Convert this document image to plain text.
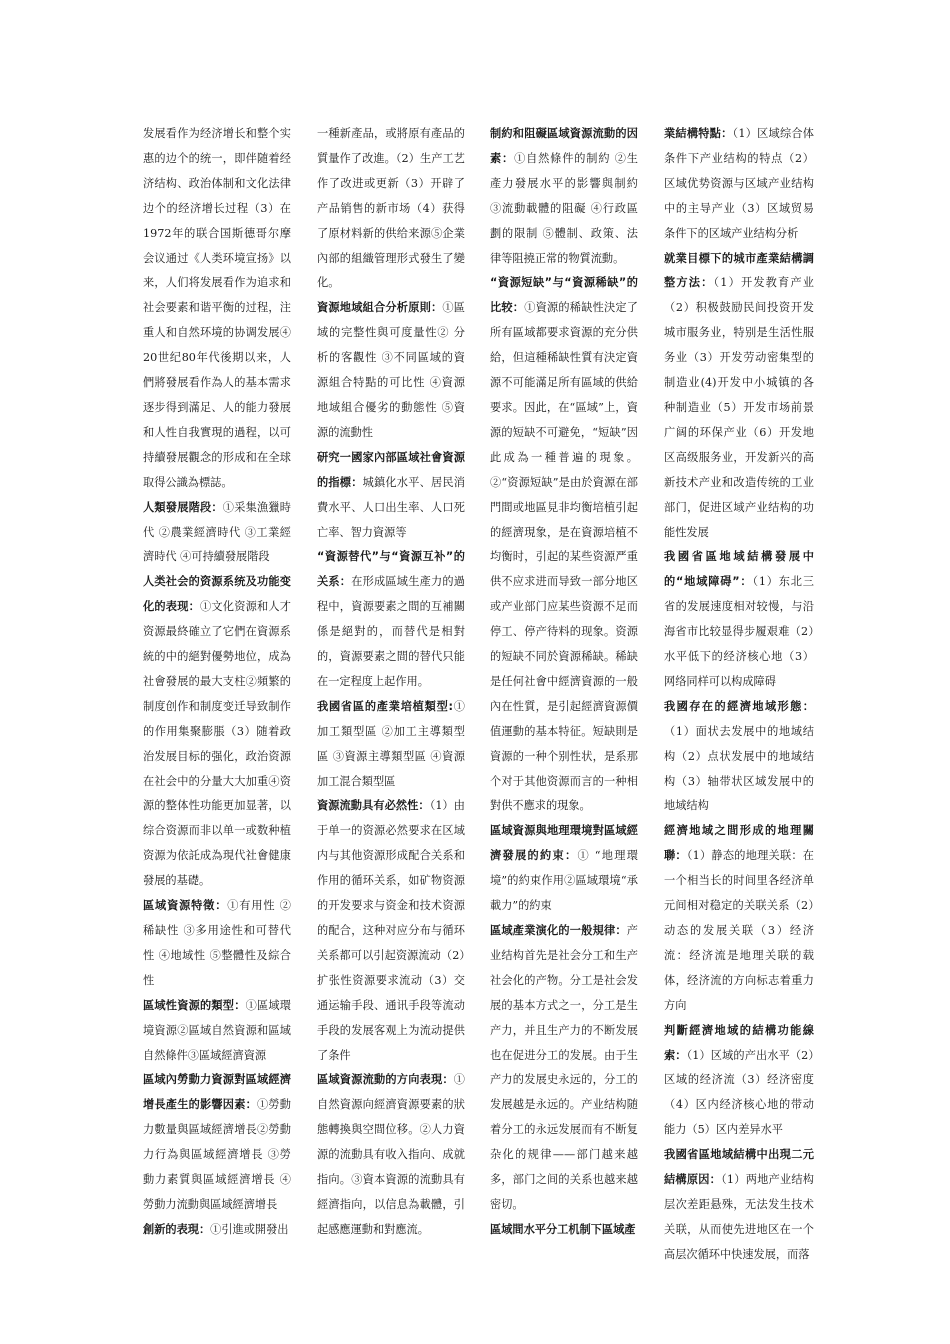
发展看作为经济增长和整个实惠的边个的统一，即伴随着经济结构、政治体制和文化法律边个的经济增长过程（3）在1972年的联合国斯德哥尔摩会议通过《人类环境宣扬》以来，人们将发展看作为追求和社会要素和谐平衡的过程，注重人和自然环境的协调发展④20世纪80年代後期以来，人們將發展看作為人的基本需求逐步得到滿足、人的能力發展和人性自我實現的過程，以可持續發展觀念的形成和在全球取得公識為標誌。

人類發展階段：①采集漁獵時代 ②農業經濟時代 ③工業經濟時代 ④可持續發展階段

人类社会的资源系统及功能变化的表现：①文化资源和人才资源最終確立了它們在資源系統的中的絕對優勢地位，成為社會發展的最大支柱②頻繁的制度创作和制度变迁导致制作的作用集聚膨脹（3）随着政治发展目标的强化，政治资源在社会中的分量大大加重④资源的整体性功能更加显著，以综合资源而非以单一或数种植资源为依託成為現代社會健康發展的基礎。

區域資源特徵：①有用性 ②稀缺性 ③多用途性和可替代性 ④地域性 ⑤整體性及綜合性

區域性資源的類型：①區域環境資源②區域自然資源和區域自然條件③區域經濟資源

區域內勞動力資源對區域經濟增長產生的影響因素：①勞動力數量與區域經濟增長②勞動力行為與區域經濟增長 ③勞動力素質與區域經濟增長 ④勞動力流動與區域經濟增長

創新的表現：①引進或開發出

一種新產品，或將原有產品的質量作了改進。（2）生产工艺作了改进或更新（3）开辟了产品销售的新市场（4）获得了原材料新的供给来源⑤企業內部的組織管理形式發生了變化。

資源地域組合分析原則：①區域的完整性與可度量性② 分析的客觀性 ③不同區域的資源組合特點的可比性 ④資源地域組合優劣的動態性 ⑤資源的流動性

研究一國家內部區域社會資源的指標：城鎮化水平、居民消費水平、人口出生率、人口死亡率、智力資源等

“資源替代”与“資源互补”的关系：在形成區域生產力的過程中，資源要素之間的互補關係是絕對的，而替代是相對的，資源要素之間的替代只能在一定程度上起作用。

我國省區的產業培植類型:①加工類型區 ②加工主導類型區 ③資源主導類型區 ④資源加工混合類型區

資源流動具有必然性：（1）由于单一的资源必然要求在区域内与其他资源形成配合关系和作用的循环关系，如矿物资源的开发要求与资金和技术资源的配合，这种对应分布与循环关系都可以引起资源流动（2）扩张性资源要求流动（3）交通运输手段、通讯手段等流动手段的发展客观上为流动提供了条件

區域資源流動的方向表現：①自然資源向經濟資源要素的狀態轉換與空間位移。②人力資源的流動具有收入指向、成就指向。③資本資源的流動具有經濟指向，以信息為載體，引起感應運動和對應流。

制約和阻礙區域資源流動的因素：①自然條件的制約 ②生產力發展水平的影響與制約 ③流動載體的阻礙 ④行政區劃的限制 ⑤體制、政策、法律等阻撓正常的物質流動。

“資源短缺”与“資源稀缺”的比较：①資源的稀缺性決定了所有區域都要求資源的充分供給，但這種稀缺性質有決定資源不可能滿足所有區域的供給要求。因此，在“區域”上，資源的短缺不可避免，“短缺”因此成為一種普遍的現象。②“资源短缺”是由於資源在部門間或地區見非均衡培植引起的經濟現象，是在資源培植不均衡时，引起的某些资源严重供不应求进而导致一部分地区或产业部门应某些资源不足而停工、停产待料的现象。资源的短缺不同於資源稀缺。稀缺是任何社會中經濟資源的一般內在性質，是引起經濟資源價值運動的基本特征。短缺則是資源的一种个别性状，是系那个对于其他资源而言的一种相對供不應求的現象。

區域資源與地理環境對區域經濟發展的約束：① “地理環境”的約束作用②區域環境“承載力”的約束

區域產業演化的一般規律：产业结构首先是社会分工和生产社会化的产物。分工是社会发展的基本方式之一，分工是生产力，并且生产力的不断发展也在促进分工的发展。由于生产力的发展史永远的，分工的发展越是永远的。产业结构随着分工的永远发展而有不断复杂化的规律——部门越来越多，部门之间的关系也越来越密切。

區域間水平分工机制下區域產

業結構特點：（1）区域综合体条件下产业结构的特点（2）区域优势资源与区域产业结构中的主导产业（3）区域贸易条件下的区域产业结构分析

就業目標下的城市產業結構調整方法：（1）开发教育产业（2）积极鼓励民间投资开发城市服务业，特别是生活性服务业（3）开发劳动密集型的制造业(4)开发中小城镇的各种制造业（5）开发市场前景广阔的环保产业（6）开发地区高级服务业，开发新兴的高新技术产业和改造传统的工业部门，促进区域产业结构的功能性发展

我國省區地域結構發展中的“地域障碍”：（1）东北三省的发展速度相对较慢，与沿海省市比较显得步履艰难（2）水平低下的经济核心地（3）网络同样可以构成障碍

我國存在的經濟地域形態：（1）面状去发展中的地域结构（2）点状发展中的地域结构（3）轴带状区域发展中的地域结构

經濟地域之間形成的地理關聯：（1）静态的地理关联：在一个相当长的时间里各经济单元间相对稳定的关联关系（2）动态的发展关联（3）经济流：经济流是地理关联的载体，经济流的方向标志着重力方向

判斷經濟地域的結構功能線索：（1）区域的产出水平（2）区域的经济流（3）经济密度（4）区内经济核心地的带动能力（5）区内差异水平

我國省區地域結構中出現二元結構原因：（1）两地产业结构层次差距悬殊，无法发生技术关联，从而使先进地区在一个高层次循环中快速发展，而落
